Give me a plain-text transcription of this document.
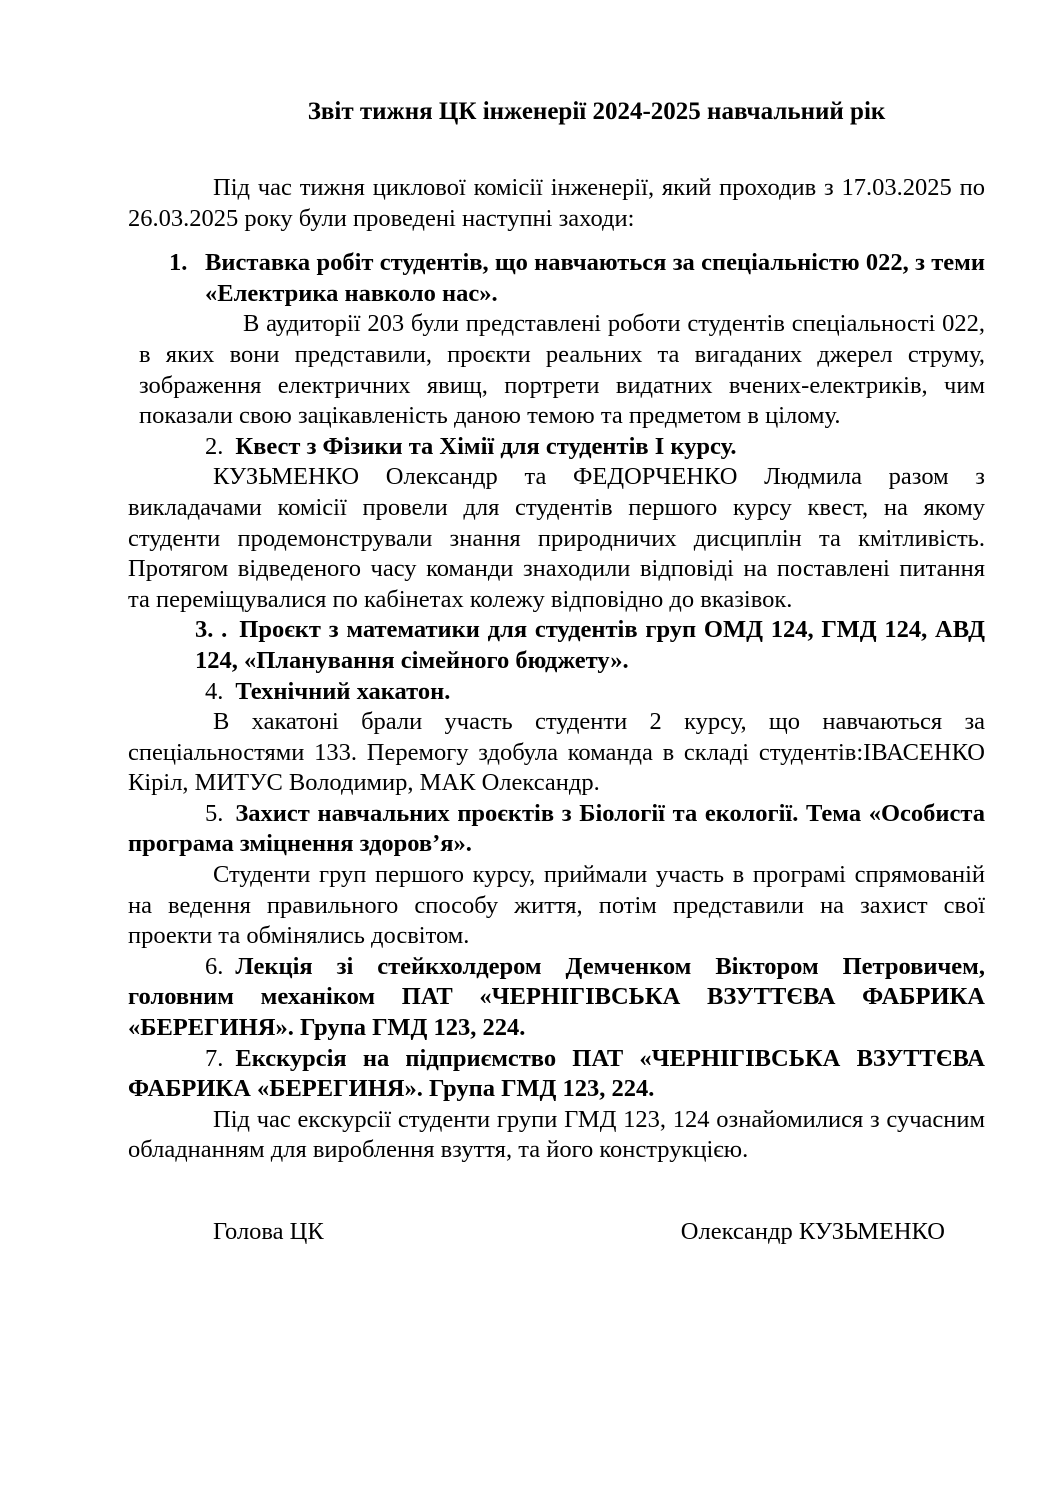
Звіт тижня ЦК інженерії 2024-2025 навчальний рік

Під час тижня циклової комісії інженерії, який проходив з 17.03.2025 по 26.03.2025 року були проведені наступні заходи:

1. Виставка робіт студентів, що навчаються за спеціальністю 022, з теми «Електрика навколо нас».

В аудиторії 203 були представлені роботи студентів спеціальності 022, в яких вони представили, проєкти реальних та вигаданих джерел струму, зображення електричних явищ, портрети видатних вчених-електриків, чим показали свою зацікавленість даною темою та предметом в цілому.

2. Квест з Фізики та Хімії для студентів І курсу.

КУЗЬМЕНКО Олександр та ФЕДОРЧЕНКО Людмила разом з викладачами комісії провели для студентів першого курсу квест, на якому студенти продемонстрували знання природничих дисциплін та кмітливість. Протягом відведеного часу команди знаходили відповіді на поставлені питання та переміщувалися по кабінетах колежу відповідно до вказівок.

3. . Проєкт з математики для студентів груп ОМД 124, ГМД 124, АВД 124, «Планування сімейного бюджету».

4. Технічний хакатон.

В хакатоні брали участь студенти 2 курсу, що навчаються за спеціальностями 133. Перемогу здобула команда в складі студентів:ІВАСЕНКО Кіріл, МИТУС Володимир, МАК Олександр.

5. Захист навчальних проєктів з Біології та екології. Тема «Особиста програма зміцнення здоров’я».

Студенти груп першого курсу, приймали участь в програмі спрямованій на ведення правильного способу життя, потім представили на захист свої проекти та обмінялись досвітом.

6. Лекція зі стейкхолдером Демченком Віктором Петровичем, головним механіком ПАТ «ЧЕРНІГІВСЬКА ВЗУТТЄВА ФАБРИКА «БЕРЕГИНЯ». Група ГМД 123, 224.

7. Екскурсія на підприємство ПАТ «ЧЕРНІГІВСЬКА ВЗУТТЄВА ФАБРИКА «БЕРЕГИНЯ». Група ГМД 123, 224.

Під час екскурсії студенти групи ГМД 123, 124 ознайомилися з сучасним обладнанням для вироблення взуття, та його конструкцією.

Голова ЦК	Олександр КУЗЬМЕНКО
